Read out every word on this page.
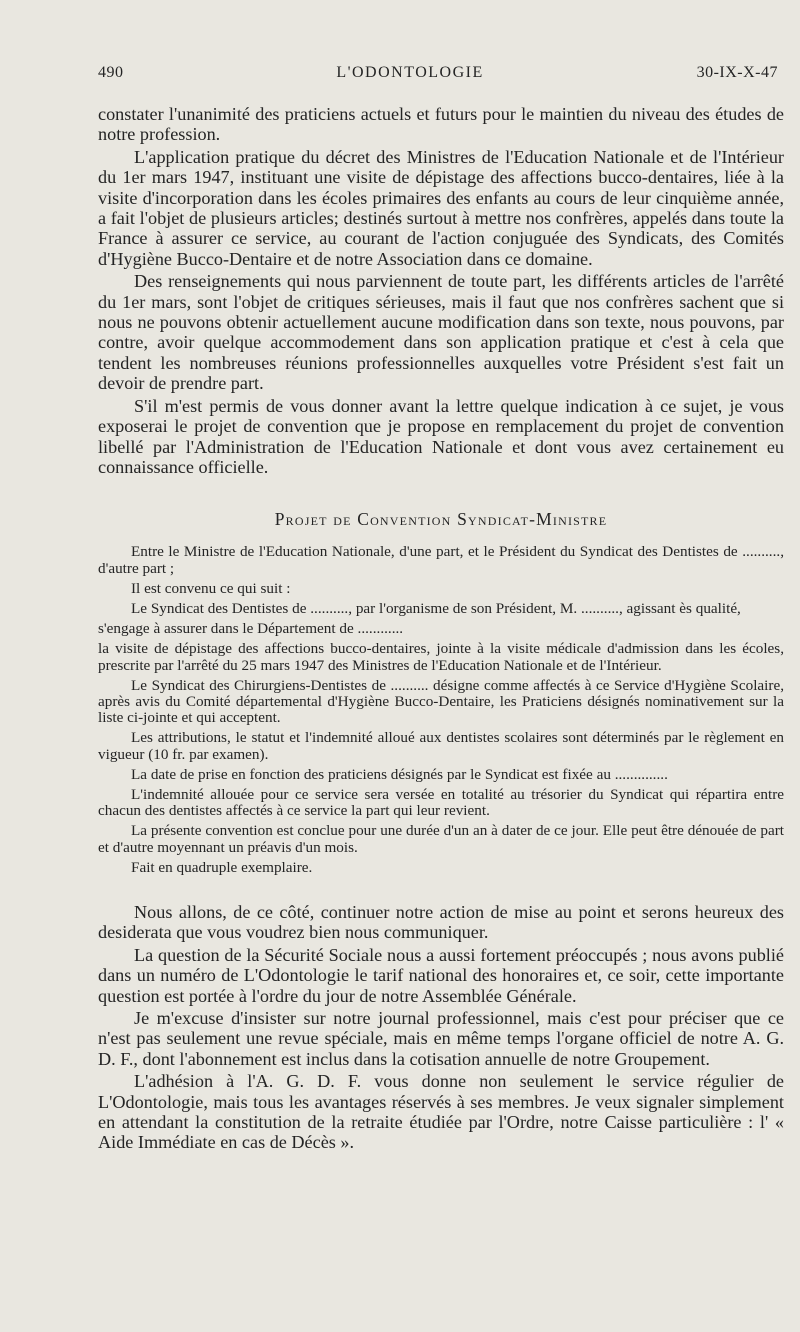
490	L'ODONTOLOGIE	30-IX-X-47

constater l'unanimité des praticiens actuels et futurs pour le maintien du niveau des études de notre profession.

L'application pratique du décret des Ministres de l'Education Nationale et de l'Intérieur du 1er mars 1947, instituant une visite de dépistage des affections bucco-dentaires, liée à la visite d'incorporation dans les écoles primaires des enfants au cours de leur cinquième année, a fait l'objet de plusieurs articles; destinés surtout à mettre nos confrères, appelés dans toute la France à assurer ce service, au courant de l'action conjuguée des Syndicats, des Comités d'Hygiène Bucco-Dentaire et de notre Association dans ce domaine.

Des renseignements qui nous parviennent de toute part, les différents articles de l'arrêté du 1er mars, sont l'objet de critiques sérieuses, mais il faut que nos confrères sachent que si nous ne pouvons obtenir actuellement aucune modification dans son texte, nous pouvons, par contre, avoir quelque accommodement dans son application pratique et c'est à cela que tendent les nombreuses réunions professionnelles auxquelles votre Président s'est fait un devoir de prendre part.

S'il m'est permis de vous donner avant la lettre quelque indication à ce sujet, je vous exposerai le projet de convention que je propose en remplacement du projet de convention libellé par l'Administration de l'Education Nationale et dont vous avez certainement eu connaissance officielle.

Projet de Convention Syndicat-Ministre

Entre le Ministre de l'Education Nationale, d'une part, et le Président du Syndicat des Dentistes de .........., d'autre part ;

Il est convenu ce qui suit :

Le Syndicat des Dentistes de .........., par l'organisme de son Président, M. .........., agissant ès qualité,

s'engage à assurer dans le Département de ............

la visite de dépistage des affections bucco-dentaires, jointe à la visite médicale d'admission dans les écoles, prescrite par l'arrêté du 25 mars 1947 des Ministres de l'Education Nationale et de l'Intérieur.

Le Syndicat des Chirurgiens-Dentistes de .......... désigne comme affectés à ce Service d'Hygiène Scolaire, après avis du Comité départemental d'Hygiène Bucco-Dentaire, les Praticiens désignés nominativement sur la liste ci-jointe et qui acceptent.

Les attributions, le statut et l'indemnité alloué aux dentistes scolaires sont déterminés par le règlement en vigueur (10 fr. par examen).

La date de prise en fonction des praticiens désignés par le Syndicat est fixée au ..............

L'indemnité allouée pour ce service sera versée en totalité au trésorier du Syndicat qui répartira entre chacun des dentistes affectés à ce service la part qui leur revient.

La présente convention est conclue pour une durée d'un an à dater de ce jour. Elle peut être dénouée de part et d'autre moyennant un préavis d'un mois.

Fait en quadruple exemplaire.

Nous allons, de ce côté, continuer notre action de mise au point et serons heureux des desiderata que vous voudrez bien nous communiquer.

La question de la Sécurité Sociale nous a aussi fortement préoccupés ; nous avons publié dans un numéro de L'Odontologie le tarif national des honoraires et, ce soir, cette importante question est portée à l'ordre du jour de notre Assemblée Générale.

Je m'excuse d'insister sur notre journal professionnel, mais c'est pour préciser que ce n'est pas seulement une revue spéciale, mais en même temps l'organe officiel de notre A. G. D. F., dont l'abonnement est inclus dans la cotisation annuelle de notre Groupement.

L'adhésion à l'A. G. D. F. vous donne non seulement le service régulier de L'Odontologie, mais tous les avantages réservés à ses membres. Je veux signaler simplement en attendant la constitution de la retraite étudiée par l'Ordre, notre Caisse particulière : l' « Aide Immédiate en cas de Décès ».
